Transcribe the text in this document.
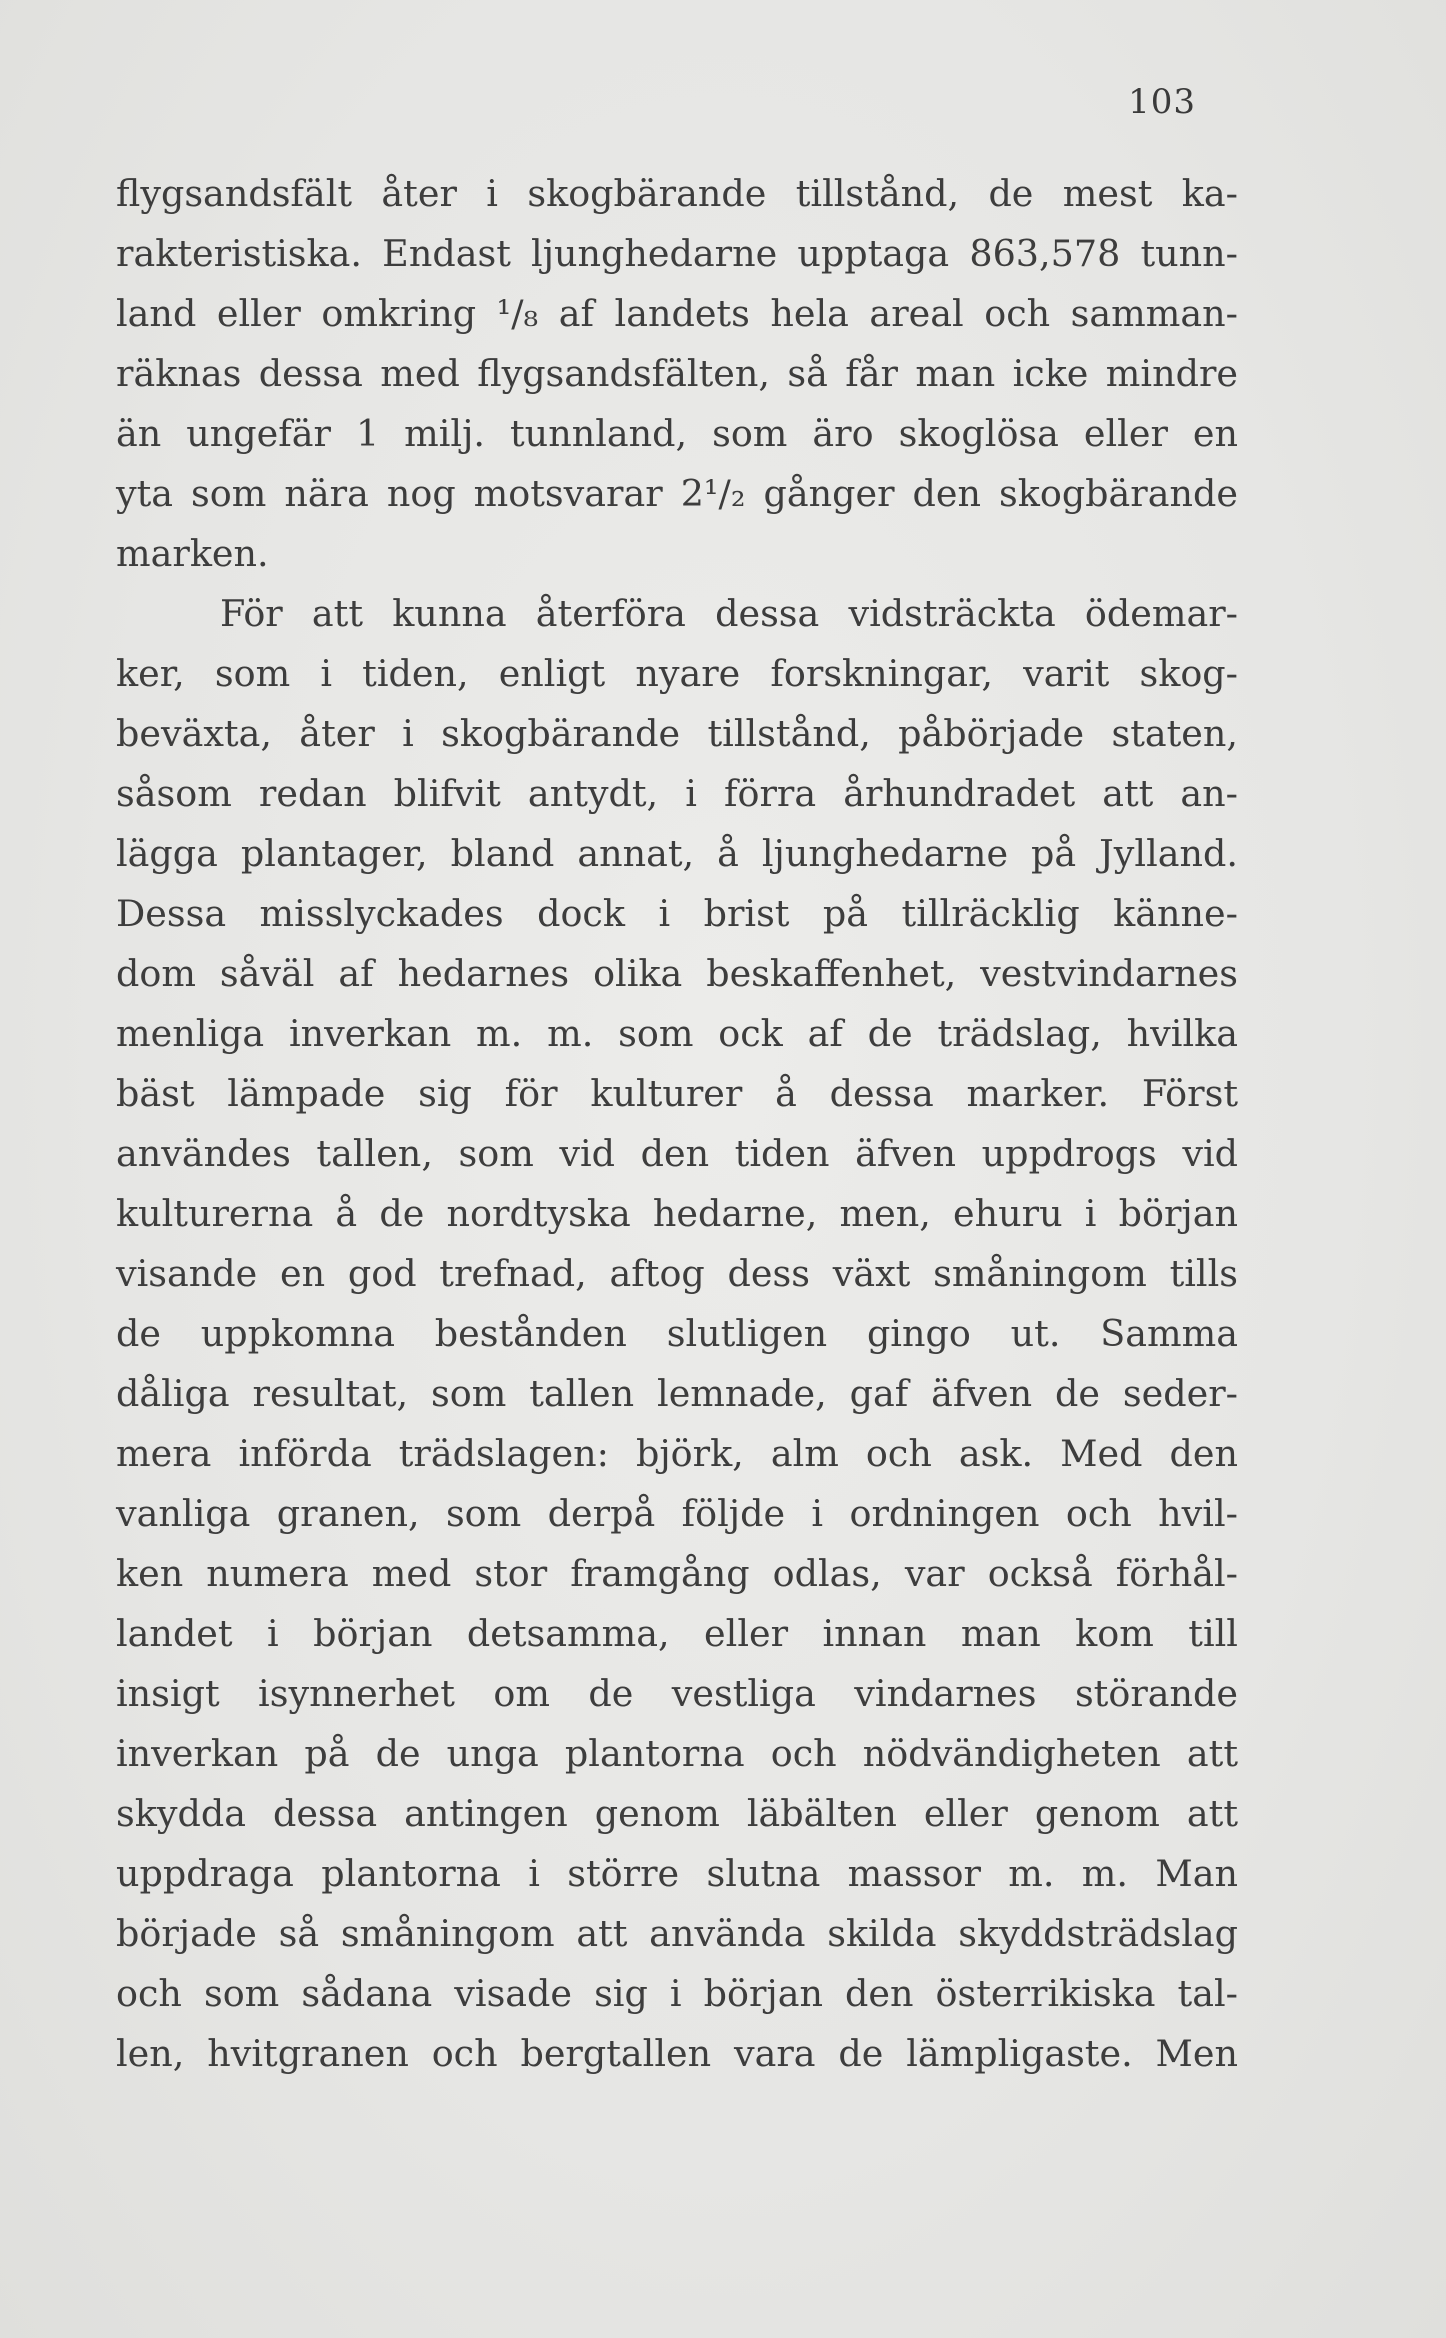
103
flygsandsfält åter i skogbärande tillstånd, de mest ka-
rakteristiska. Endast ljunghedarne upptaga 863,578 tunn-
land eller omkring ¹/₈ af landets hela areal och samman-
räknas dessa med flygsandsfälten, så får man icke mindre
än ungefär 1 milj. tunnland, som äro skoglösa eller en
yta som nära nog motsvarar 2¹/₂ gånger den skogbärande
marken.
För att kunna återföra dessa vidsträckta ödemar-
ker, som i tiden, enligt nyare forskningar, varit skog-
beväxta, åter i skogbärande tillstånd, påbörjade staten,
såsom redan blifvit antydt, i förra århundradet att an-
lägga plantager, bland annat, å ljunghedarne på Jylland.
Dessa misslyckades dock i brist på tillräcklig känne-
dom såväl af hedarnes olika beskaffenhet, vestvindarnes
menliga inverkan m. m. som ock af de trädslag, hvilka
bäst lämpade sig för kulturer å dessa marker. Först
användes tallen, som vid den tiden äfven uppdrogs vid
kulturerna å de nordtyska hedarne, men, ehuru i början
visande en god trefnad, aftog dess växt småningom tills
de uppkomna bestånden slutligen gingo ut. Samma
dåliga resultat, som tallen lemnade, gaf äfven de seder-
mera införda trädslagen: björk, alm och ask. Med den
vanliga granen, som derpå följde i ordningen och hvil-
ken numera med stor framgång odlas, var också förhål-
landet i början detsamma, eller innan man kom till
insigt isynnerhet om de vestliga vindarnes störande
inverkan på de unga plantorna och nödvändigheten att
skydda dessa antingen genom läbälten eller genom att
uppdraga plantorna i större slutna massor m. m. Man
började så småningom att använda skilda skyddsträdslag
och som sådana visade sig i början den österrikiska tal-
len, hvitgranen och bergtallen vara de lämpligaste. Men
